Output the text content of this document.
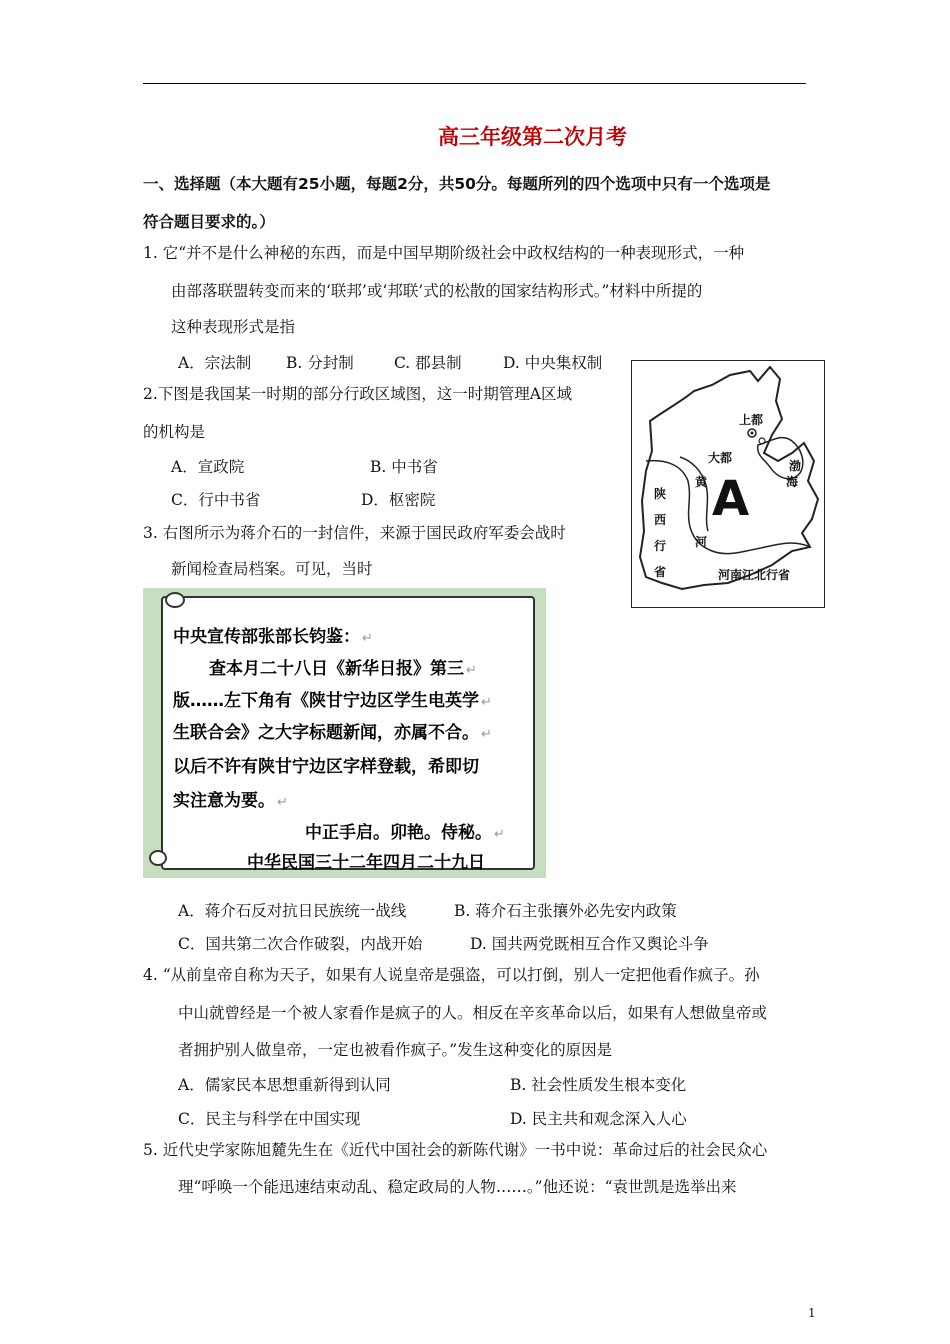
高三年级第二次月考
一、选择题（本大题有25小题，每题2分，共50分。每题所列的四个选项中只有一个选项是
符合题目要求的。）
1. 它“并不是什么神秘的东西，而是中国早期阶级社会中政权结构的一种表现形式，一种
由部落联盟转变而来的‘联邦’或‘邦联’式的松散的国家结构形式。”材料中所提的
这种表现形式是指
A．宗法制 B. 分封制	C. 郡县制	D. 中央集权制
2.下图是我国某一时期的部分行政区域图，这一时期管理A区域
的机构是
A．宣政院	B. 中书省
C．行中书省	D．枢密院
上都
大都
渤
海
黄
河
A
陕
西
行
省	河南江北行省
3. 右图所示为蒋介石的一封信件，来源于国民政府军委会战时
新闻检查局档案。可见，当时
中央宣传部张部长钧鉴： ↵
查本月二十八日《新华日报》第三 ↵
版……左下角有《陕甘宁边区学生电英学 ↵
生联合会》之大字标题新闻，亦属不合。 ↵
以后不许有陕甘宁边区字样登载，希即切
实注意为要。 ↵
中正手启。卯艳。侍秘。 ↵
中华民国三十二年四月二十九日
A．蒋介石反对抗日民族统一战线	B. 蒋介石主张攘外必先安内政策
C．国共第二次合作破裂，内战开始	D. 国共两党既相互合作又舆论斗争
4. “从前皇帝自称为天子，如果有人说皇帝是强盗，可以打倒，别人一定把他看作疯子。孙
中山就曾经是一个被人家看作是疯子的人。相反在辛亥革命以后，如果有人想做皇帝或
者拥护别人做皇帝，一定也被看作疯子。”发生这种变化的原因是
A．儒家民本思想重新得到认同	B. 社会性质发生根本变化
C．民主与科学在中国实现	D. 民主共和观念深入人心
5. 近代史学家陈旭麓先生在《近代中国社会的新陈代谢》一书中说：革命过后的社会民众心
理“呼唤一个能迅速结束动乱、稳定政局的人物……。”他还说：“袁世凯是选举出来
1
